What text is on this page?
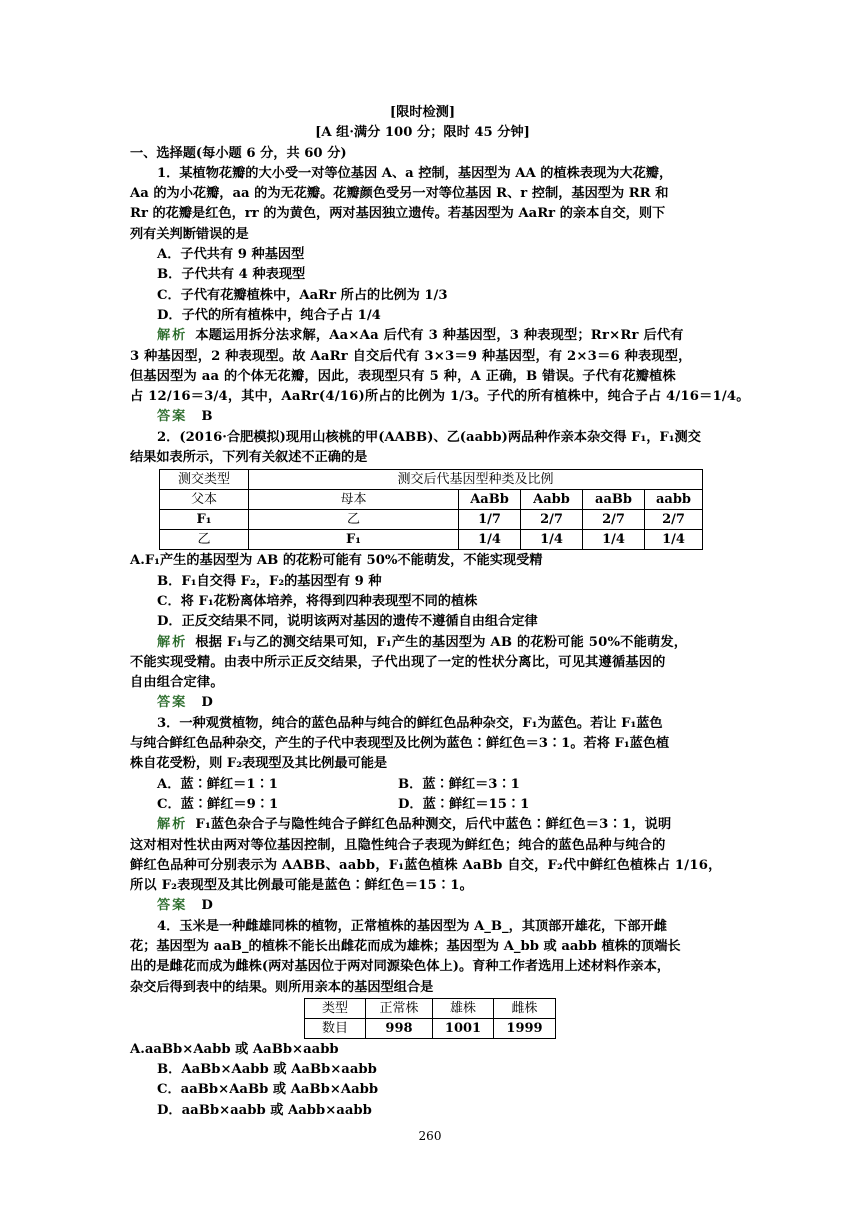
[限时检测]
[A 组·满分 100 分；限时 45 分钟]
一、选择题(每小题 6 分，共 60 分)
1．某植物花瓣的大小受一对等位基因 A、a 控制，基因型为 AA 的植株表现为大花瓣，
Aa 的为小花瓣，aa 的为无花瓣。花瓣颜色受另一对等位基因 R、r 控制，基因型为 RR 和
Rr 的花瓣是红色，rr 的为黄色，两对基因独立遗传。若基因型为 AaRr 的亲本自交，则下
列有关判断错误的是
A．子代共有 9 种基因型
B．子代共有 4 种表现型
C．子代有花瓣植株中，AaRr 所占的比例为 1/3
D．子代的所有植株中，纯合子占 1/4
解析 本题运用拆分法求解，Aa×Aa 后代有 3 种基因型，3 种表现型；Rr×Rr 后代有
3 种基因型，2 种表现型。故 AaRr 自交后代有 3×3＝9 种基因型，有 2×3＝6 种表现型，
但基因型为 aa 的个体无花瓣，因此，表现型只有 5 种，A 正确，B 错误。子代有花瓣植株
占 12/16＝3/4，其中，AaRr(4/16)所占的比例为 1/3。子代的所有植株中，纯合子占 4/16＝1/4。
答案 B
2．(2016·合肥模拟)现用山核桃的甲(AABB)、乙(aabb)两品种作亲本杂交得 F₁，F₁测交
结果如表所示，下列有关叙述不正确的是
测交类型	测交后代基因型种类及比例				
父本	母本	AaBb	Aabb	aaBb	aabb
F₁	乙	1/7	2/7	2/7	2/7
乙	F₁	1/4	1/4	1/4	1/4
A.F₁产生的基因型为 AB 的花粉可能有 50%不能萌发，不能实现受精
B．F₁自交得 F₂，F₂的基因型有 9 种
C．将 F₁花粉离体培养，将得到四种表现型不同的植株
D．正反交结果不同，说明该两对基因的遗传不遵循自由组合定律
解析 根据 F₁与乙的测交结果可知，F₁产生的基因型为 AB 的花粉可能 50%不能萌发，
不能实现受精。由表中所示正反交结果，子代出现了一定的性状分离比，可见其遵循基因的
自由组合定律。
答案 D
3．一种观赏植物，纯合的蓝色品种与纯合的鲜红色品种杂交，F₁为蓝色。若让 F₁蓝色
与纯合鲜红色品种杂交，产生的子代中表现型及比例为蓝色∶鲜红色＝3∶1。若将 F₁蓝色植
株自花受粉，则 F₂表现型及其比例最可能是
A．蓝∶鲜红＝1∶1	B．蓝∶鲜红＝3∶1
C．蓝∶鲜红＝9∶1	D．蓝∶鲜红＝15∶1
解析 F₁蓝色杂合子与隐性纯合子鲜红色品种测交，后代中蓝色∶鲜红色＝3∶1，说明
这对相对性状由两对等位基因控制，且隐性纯合子表现为鲜红色；纯合的蓝色品种与纯合的
鲜红色品种可分别表示为 AABB、aabb，F₁蓝色植株 AaBb 自交，F₂代中鲜红色植株占 1/16，
所以 F₂表现型及其比例最可能是蓝色∶鲜红色＝15∶1。
答案 D
4．玉米是一种雌雄同株的植物，正常植株的基因型为 A_B_，其顶部开雄花，下部开雌
花；基因型为 aaB_的植株不能长出雌花而成为雄株；基因型为 A_bb 或 aabb 植株的顶端长
出的是雌花而成为雌株(两对基因位于两对同源染色体上)。育种工作者选用上述材料作亲本，
杂交后得到表中的结果。则所用亲本的基因型组合是
类型	正常株	雄株	雌株
数目	998	1001	1999
A.aaBb×Aabb 或 AaBb×aabb
B．AaBb×Aabb 或 AaBb×aabb
C．aaBb×AaBb 或 AaBb×Aabb
D．aaBb×aabb 或 Aabb×aabb
260
